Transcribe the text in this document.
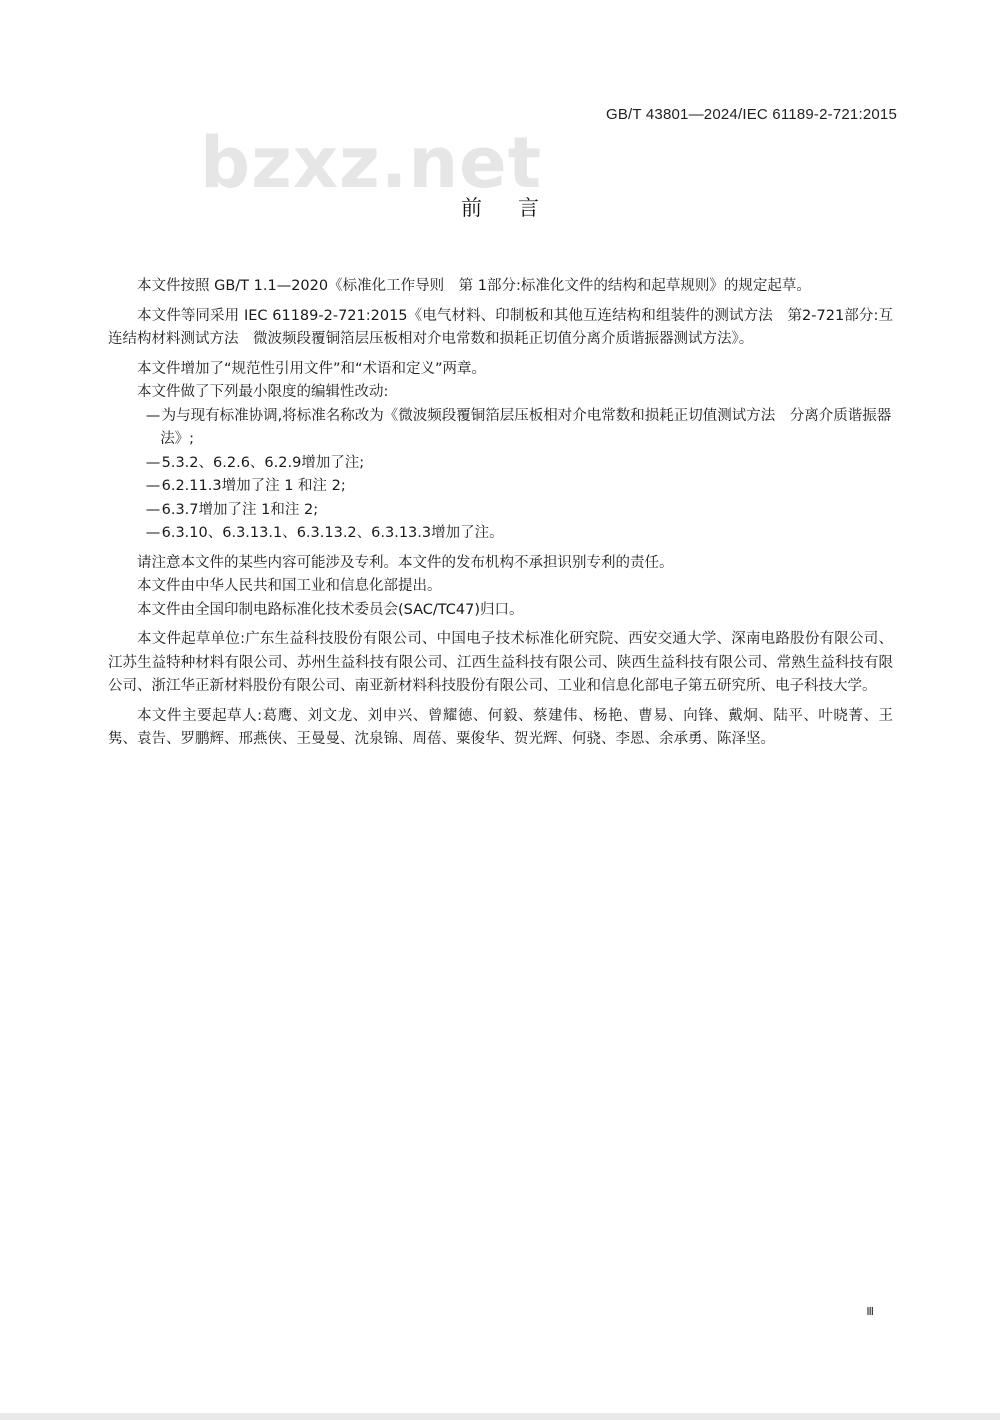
GB/T 43801—2024/IEC 61189-2-721:2015
bzxz.net
前言

本文件按照 GB/T 1.1—2020《标准化工作导则　第 1部分:标准化文件的结构和起草规则》的规定起草。

本文件等同采用 IEC 61189-2-721:2015《电气材料、印制板和其他互连结构和组装件的测试方法　第2-721部分:互连结构材料测试方法　微波频段覆铜箔层压板相对介电常数和损耗正切值分离介质谐振器测试方法》。

本文件增加了“规范性引用文件”和“术语和定义”两章。

本文件做了下列最小限度的编辑性改动:

—为与现有标准协调,将标准名称改为《微波频段覆铜箔层压板相对介电常数和损耗正切值测试方法　分离介质谐振器法》;

—5.3.2、6.2.6、6.2.9增加了注;

—6.2.11.3增加了注 1 和注 2;

—6.3.7增加了注 1和注 2;

—6.3.10、6.3.13.1、6.3.13.2、6.3.13.3增加了注。

请注意本文件的某些内容可能涉及专利。本文件的发布机构不承担识别专利的责任。

本文件由中华人民共和国工业和信息化部提出。

本文件由全国印制电路标准化技术委员会(SAC/TC47)归口。

本文件起草单位:广东生益科技股份有限公司、中国电子技术标准化研究院、西安交通大学、深南电路股份有限公司、江苏生益特种材料有限公司、苏州生益科技有限公司、江西生益科技有限公司、陕西生益科技有限公司、常熟生益科技有限公司、浙江华正新材料股份有限公司、南亚新材料科技股份有限公司、工业和信息化部电子第五研究所、电子科技大学。

本文件主要起草人:葛鹰、刘文龙、刘申兴、曾耀德、何毅、蔡建伟、杨艳、曹易、向锋、戴炯、陆平、叶晓菁、王隽、袁告、罗鹏辉、邢燕侠、王曼曼、沈泉锦、周蓓、粟俊华、贺光辉、何骁、李恩、余承勇、陈泽坚。

Ⅲ
